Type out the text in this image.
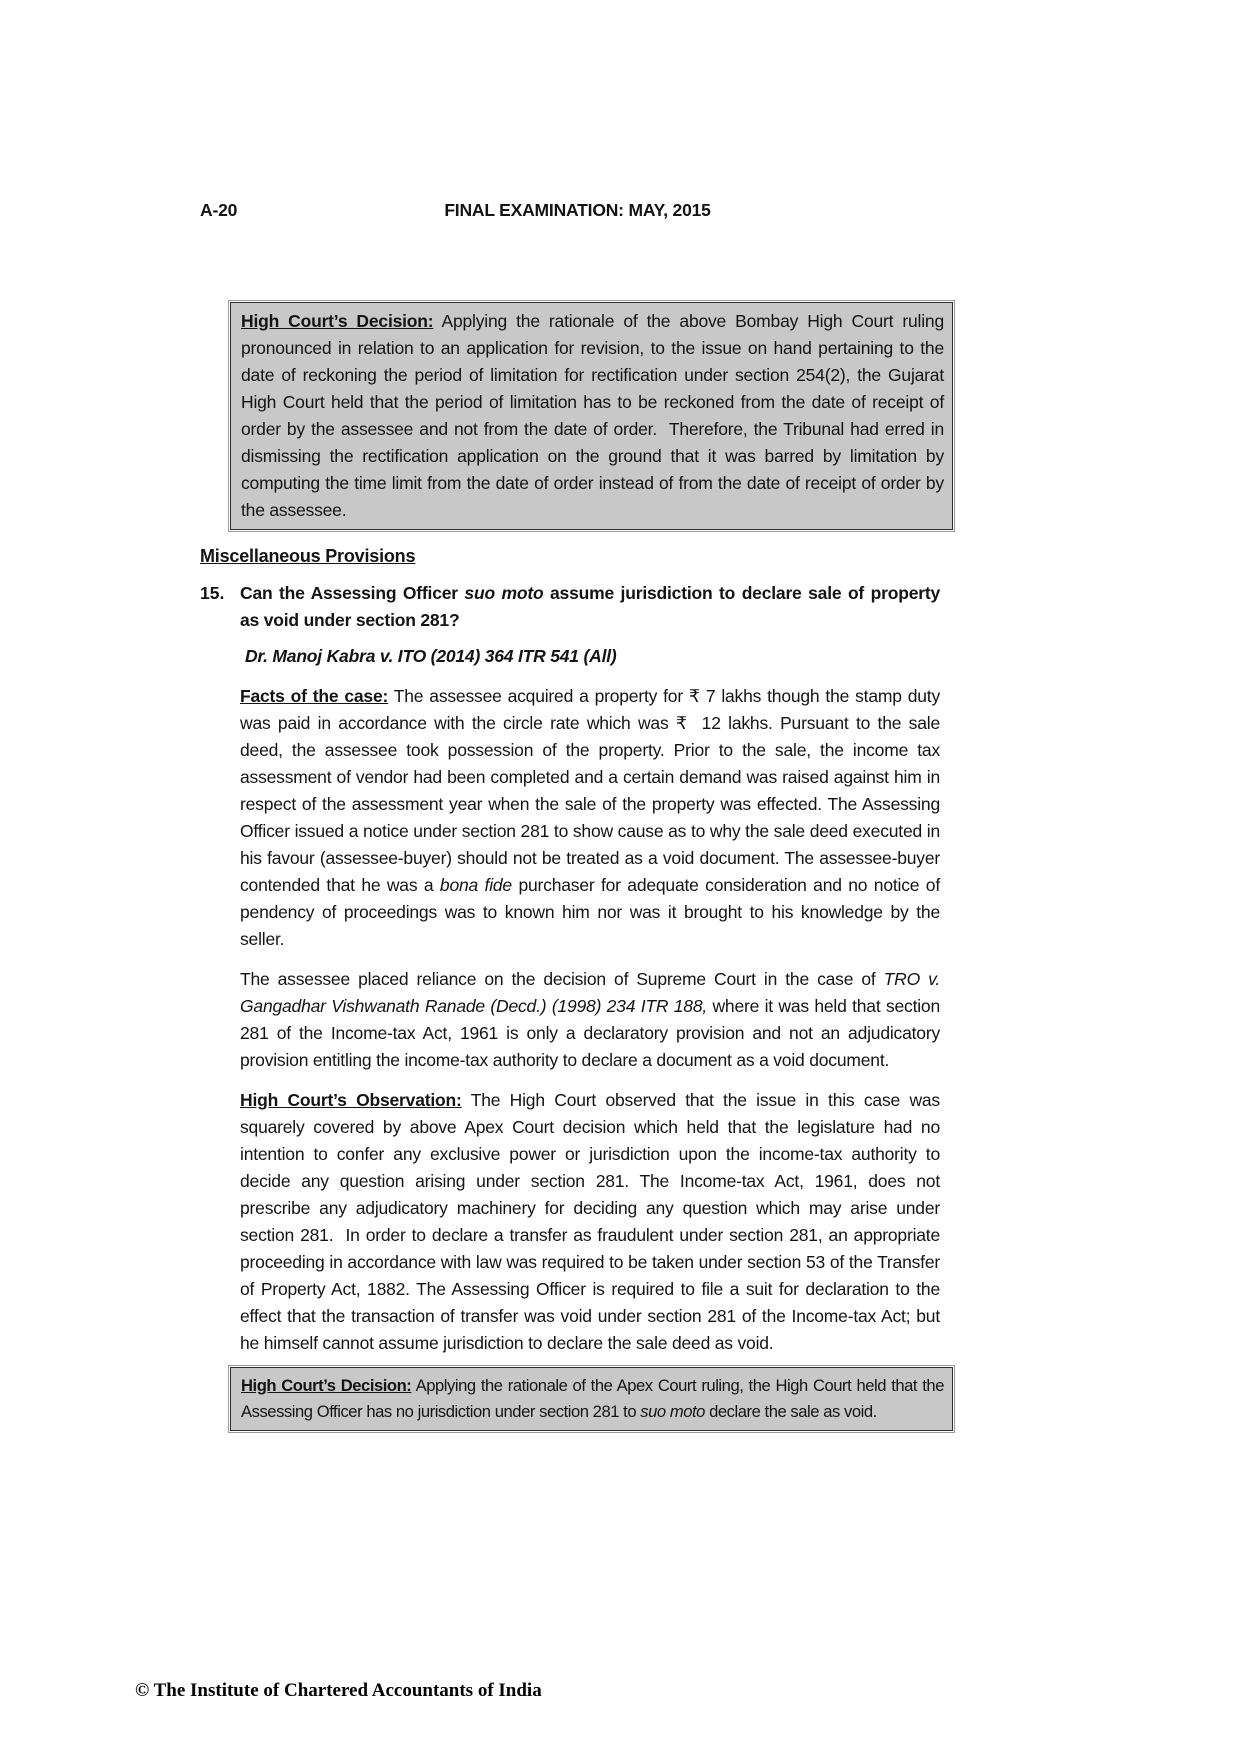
A-20	FINAL EXAMINATION: MAY, 2015

High Court’s Decision: Applying the rationale of the above Bombay High Court ruling pronounced in relation to an application for revision, to the issue on hand pertaining to the date of reckoning the period of limitation for rectification under section 254(2), the Gujarat High Court held that the period of limitation has to be reckoned from the date of receipt of order by the assessee and not from the date of order.  Therefore, the Tribunal had erred in dismissing the rectification application on the ground that it was barred by limitation by computing the time limit from the date of order instead of from the date of receipt of order by the assessee.

Miscellaneous Provisions
15. Can the Assessing Officer suo moto assume jurisdiction to declare sale of property as void under section 281?

Dr. Manoj Kabra v. ITO (2014) 364 ITR 541 (All)

Facts of the case: The assessee acquired a property for ₹ 7 lakhs though the stamp duty was paid in accordance with the circle rate which was ₹  12 lakhs. Pursuant to the sale deed, the assessee took possession of the property. Prior to the sale, the income tax assessment of vendor had been completed and a certain demand was raised against him in respect of the assessment year when the sale of the property was effected. The Assessing Officer issued a notice under section 281 to show cause as to why the sale deed executed in his favour (assessee-buyer) should not be treated as a void document. The assessee-buyer contended that he was a bona fide purchaser for adequate consideration and no notice of pendency of proceedings was to known him nor was it brought to his knowledge by the seller.

The assessee placed reliance on the decision of Supreme Court in the case of TRO v. Gangadhar Vishwanath Ranade (Decd.) (1998) 234 ITR 188, where it was held that section 281 of the Income-tax Act, 1961 is only a declaratory provision and not an adjudicatory provision entitling the income-tax authority to declare a document as a void document.

High Court’s Observation: The High Court observed that the issue in this case was squarely covered by above Apex Court decision which held that the legislature had no intention to confer any exclusive power or jurisdiction upon the income-tax authority to decide any question arising under section 281. The Income-tax Act, 1961, does not prescribe any adjudicatory machinery for deciding any question which may arise under section 281.  In order to declare a transfer as fraudulent under section 281, an appropriate proceeding in accordance with law was required to be taken under section 53 of the Transfer of Property Act, 1882. The Assessing Officer is required to file a suit for declaration to the effect that the transaction of transfer was void under section 281 of the Income-tax Act; but he himself cannot assume jurisdiction to declare the sale deed as void.

High Court’s Decision: Applying the rationale of the Apex Court ruling, the High Court held that the Assessing Officer has no jurisdiction under section 281 to suo moto declare the sale as void.

© The Institute of Chartered Accountants of India
